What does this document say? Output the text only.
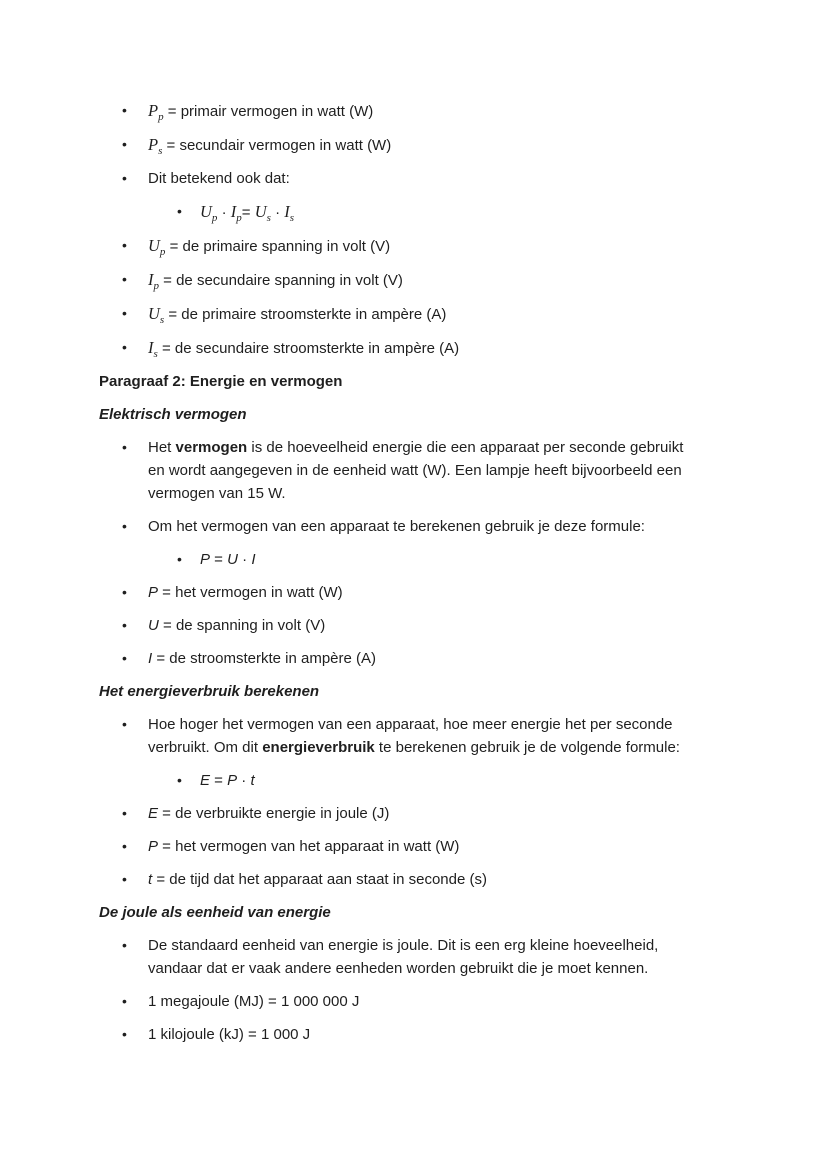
•	$P_p$ = primair vermogen in watt (W)
•	$P_s$ = secundair vermogen in watt (W)
•	Dit betekend ook dat:
•	$U_p \cdot I_p= U_s \cdot I_s$
•	$U_p$ = de primaire spanning in volt (V)
•	$I_p$ = de secundaire spanning in volt (V)
•	$U_s$ = de primaire stroomsterkte in ampère (A)
•	$I_s$ = de secundaire stroomsterkte in ampère (A)

Paragraaf 2: Energie en vermogen

Elektrisch vermogen

•	Het vermogen is de hoeveelheid energie die een apparaat per seconde gebruikt
en wordt aangegeven in de eenheid watt (W). Een lampje heeft bijvoorbeeld een
vermogen van 15 W.
•	Om het vermogen van een apparaat te berekenen gebruik je deze formule:
•	P = U · I
•	P = het vermogen in watt (W)
•	U = de spanning in volt (V)
•	I = de stroomsterkte in ampère (A)

Het energieverbruik berekenen

•	Hoe hoger het vermogen van een apparaat, hoe meer energie het per seconde
verbruikt. Om dit energieverbruik te berekenen gebruik je de volgende formule:
•	E = P · t
•	E = de verbruikte energie in joule (J)
•	P = het vermogen van het apparaat in watt (W)
•	t = de tijd dat het apparaat aan staat in seconde (s)

De joule als eenheid van energie

•	De standaard eenheid van energie is joule. Dit is een erg kleine hoeveelheid,
vandaar dat er vaak andere eenheden worden gebruikt die je moet kennen.
•	1 megajoule (MJ) = 1 000 000 J
•	1 kilojoule (kJ) = 1 000 J
